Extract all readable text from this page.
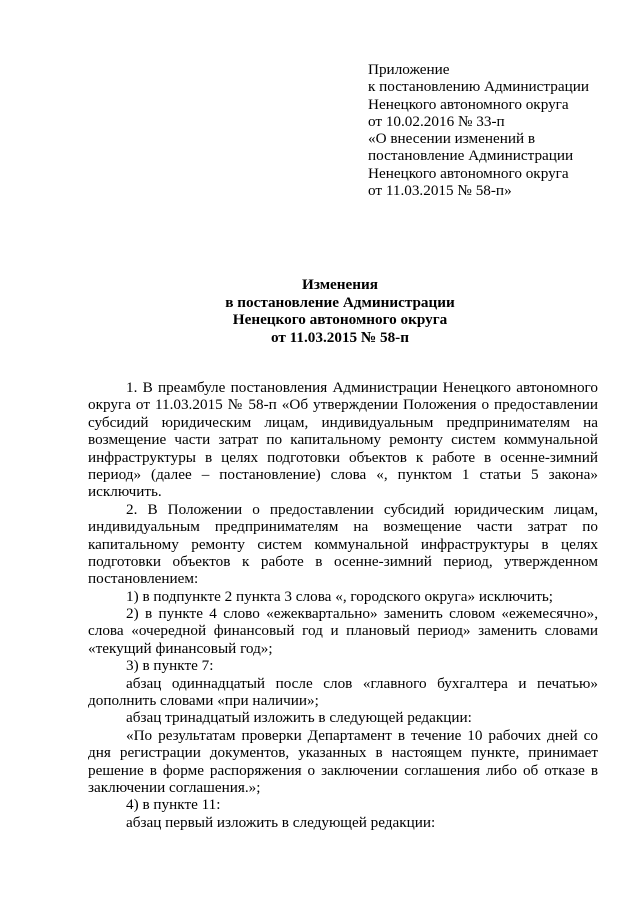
Приложение
к постановлению Администрации
Ненецкого автономного округа
от 10.02.2016 № 33-п
«О внесении изменений в
постановление Администрации
Ненецкого автономного округа
от 11.03.2015 № 58-п»
Изменения
в постановление Администрации
Ненецкого автономного округа
от 11.03.2015 № 58-п
1. В преамбуле постановления Администрации Ненецкого автономного
округа от 11.03.2015 № 58-п «Об утверждении Положения о предоставлении
субсидий юридическим лицам, индивидуальным предпринимателям на
возмещение части затрат по капитальному ремонту систем коммунальной
инфраструктуры в целях подготовки объектов к работе в осенне-зимний
период» (далее – постановление) слова «, пунктом 1 статьи 5 закона»
исключить.
2. В Положении о предоставлении субсидий юридическим лицам,
индивидуальным предпринимателям на возмещение части затрат по
капитальному ремонту систем коммунальной инфраструктуры в целях
подготовки объектов к работе в осенне-зимний период, утвержденном
постановлением:
1) в подпункте 2 пункта 3 слова «, городского округа» исключить;
2) в пункте 4 слово «ежеквартально» заменить словом «ежемесячно»,
слова «очередной финансовый год и плановый период» заменить словами
«текущий финансовый год»;
3) в пункте 7:
абзац одиннадцатый после слов «главного бухгалтера и печатью»
дополнить словами «при наличии»;
абзац тринадцатый изложить в следующей редакции:
«По результатам проверки Департамент в течение 10 рабочих дней со
дня регистрации документов, указанных в настоящем пункте, принимает
решение в форме распоряжения о заключении соглашения либо об отказе в
заключении соглашения.»;
4) в пункте 11:
абзац первый изложить в следующей редакции:
